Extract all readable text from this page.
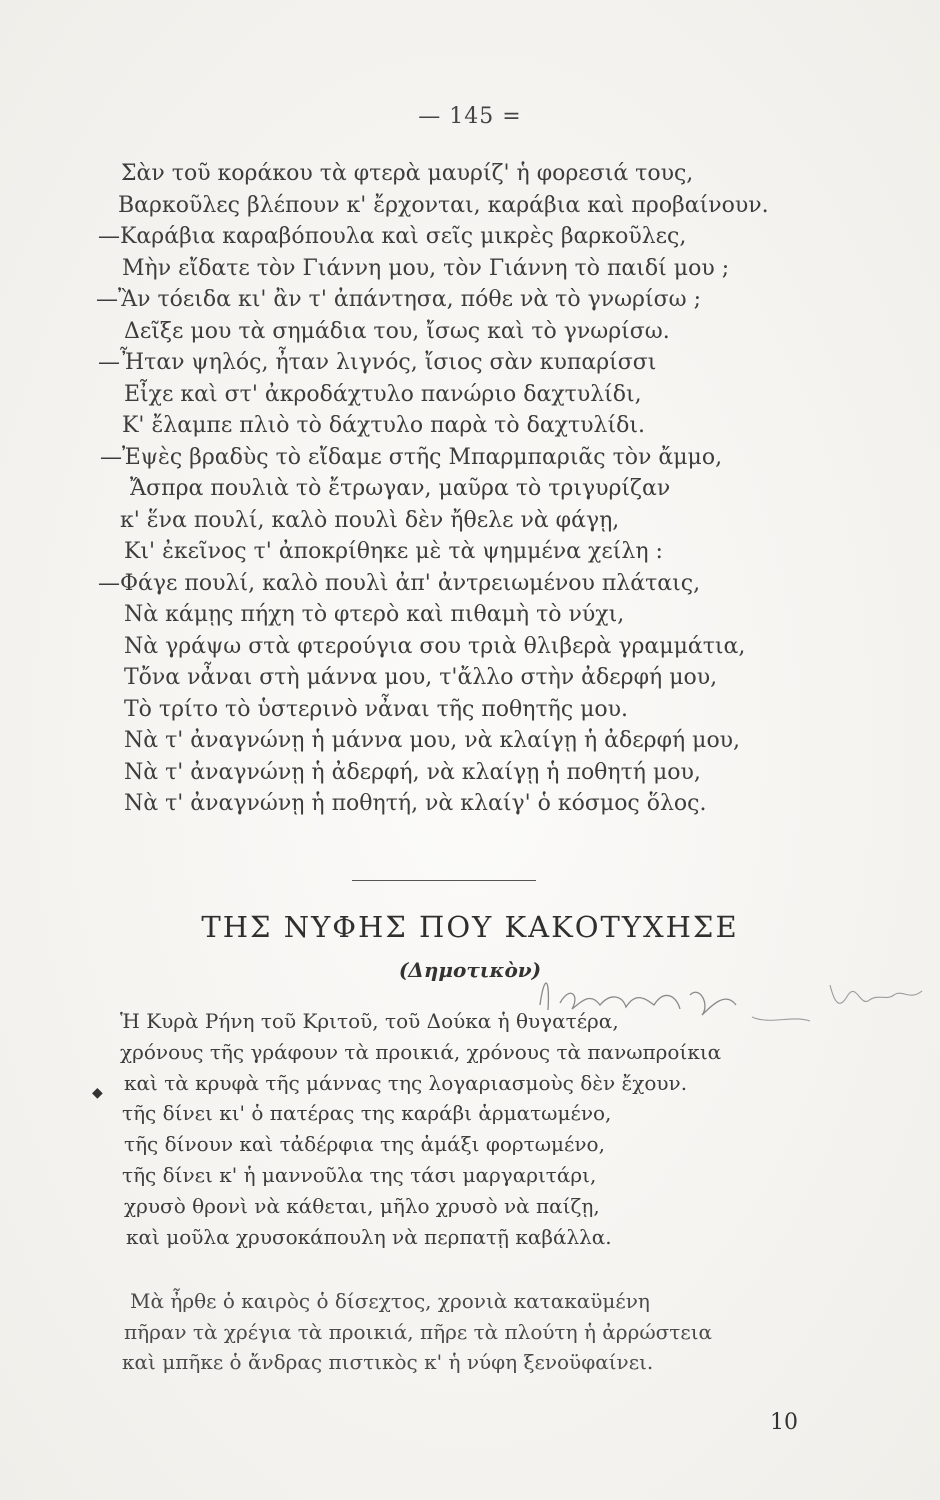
— 145 =
Σὰν τοῦ κοράκου τὰ φτερὰ μαυρίζ' ἡ φορεσιά τους,
Βαρκοῦλες βλέπουν κ' ἔρχονται, καράβια καὶ προβαίνουν.
—Καράβια καραβόπουλα καὶ σεῖς μικρὲς βαρκοῦλες,
Μὴν εἴδατε τὸν Γιάννη μου, τὸν Γιάννη τὸ παιδί μου ;
—Ἂν τόειδα κι' ἂν τ' ἀπάντησα, πόθε νὰ τὸ γνωρίσω ;
Δεῖξε μου τὰ σημάδια του, ἴσως καὶ τὸ γνωρίσω.
—Ἦταν ψηλός, ἦταν λιγνός, ἴσιος σὰν κυπαρίσσι
Εἶχε καὶ στ' ἀκροδάχτυλο πανώριο δαχτυλίδι,
Κ' ἔλαμπε πλιὸ τὸ δάχτυλο παρὰ τὸ δαχτυλίδι.
—Ἐψὲς βραδὺς τὸ εἴδαμε στῆς Μπαρμπαριᾶς τὸν ἄμμο,
Ἄσπρα πουλιὰ τὸ ἔτρωγαν, μαῦρα τὸ τριγυρίζαν
κ' ἕνα πουλί, καλὸ πουλὶ δὲν ἤθελε νὰ φάγῃ,
Κι' ἐκεῖνος τ' ἀποκρίθηκε μὲ τὰ ψημμένα χείλη :
—Φάγε πουλί, καλὸ πουλὶ ἀπ' ἀντρειωμένου πλάταις,
Νὰ κάμῃς πήχη τὸ φτερὸ καὶ πιθαμὴ τὸ νύχι,
Νὰ γράψω στὰ φτερούγια σου τριὰ θλιβερὰ γραμμάτια,
Τὄνα νἆναι στὴ μάννα μου, τ'ἄλλο στὴν ἀδερφή μου,
Τὸ τρίτο τὸ ὑστερινὸ νἆναι τῆς ποθητῆς μου.
Νὰ τ' ἀναγνώνῃ ἡ μάννα μου, νὰ κλαίγῃ ἡ ἀδερφή μου,
Νὰ τ' ἀναγνώνῃ ἡ ἀδερφή, νὰ κλαίγῃ ἡ ποθητή μου,
Νὰ τ' ἀναγνώνῃ ἡ ποθητή, νὰ κλαίγ' ὁ κόσμος ὅλος.
ΤΗΣ ΝΥΦΗΣ ΠΟΥ ΚΑΚΟΤΥΧΗΣΕ
(Δημοτικὸν)
◆
Ἡ Κυρὰ Ρήνη τοῦ Κριτοῦ, τοῦ Δούκα ἡ θυγατέρα,
χρόνους τῆς γράφουν τὰ προικιά, χρόνους τὰ πανωπροίκια
καὶ τὰ κρυφὰ τῆς μάννας της λογαριασμοὺς δὲν ἔχουν.
τῆς δίνει κι' ὁ πατέρας της καράβι ἁρματωμένο,
τῆς δίνουν καὶ τἀδέρφια της ἁμάξι φορτωμένο,
τῆς δίνει κ' ἡ μαννοῦλα της τάσι μαργαριτάρι,
χρυσὸ θρονὶ νὰ κάθεται, μῆλο χρυσὸ νὰ παίζῃ,
καὶ μοῦλα χρυσοκάπουλη νὰ περπατῇ καβάλλα.
Μὰ ἦρθε ὁ καιρὸς ὁ δίσεχτος, χρονιὰ κατακαϋμένη
πῆραν τὰ χρέγια τὰ προικιά, πῆρε τὰ πλούτη ἡ ἀρρώστεια
καὶ μπῆκε ὁ ἄνδρας πιστικὸς κ' ἡ νύφη ξενοϋφαίνει.
10
